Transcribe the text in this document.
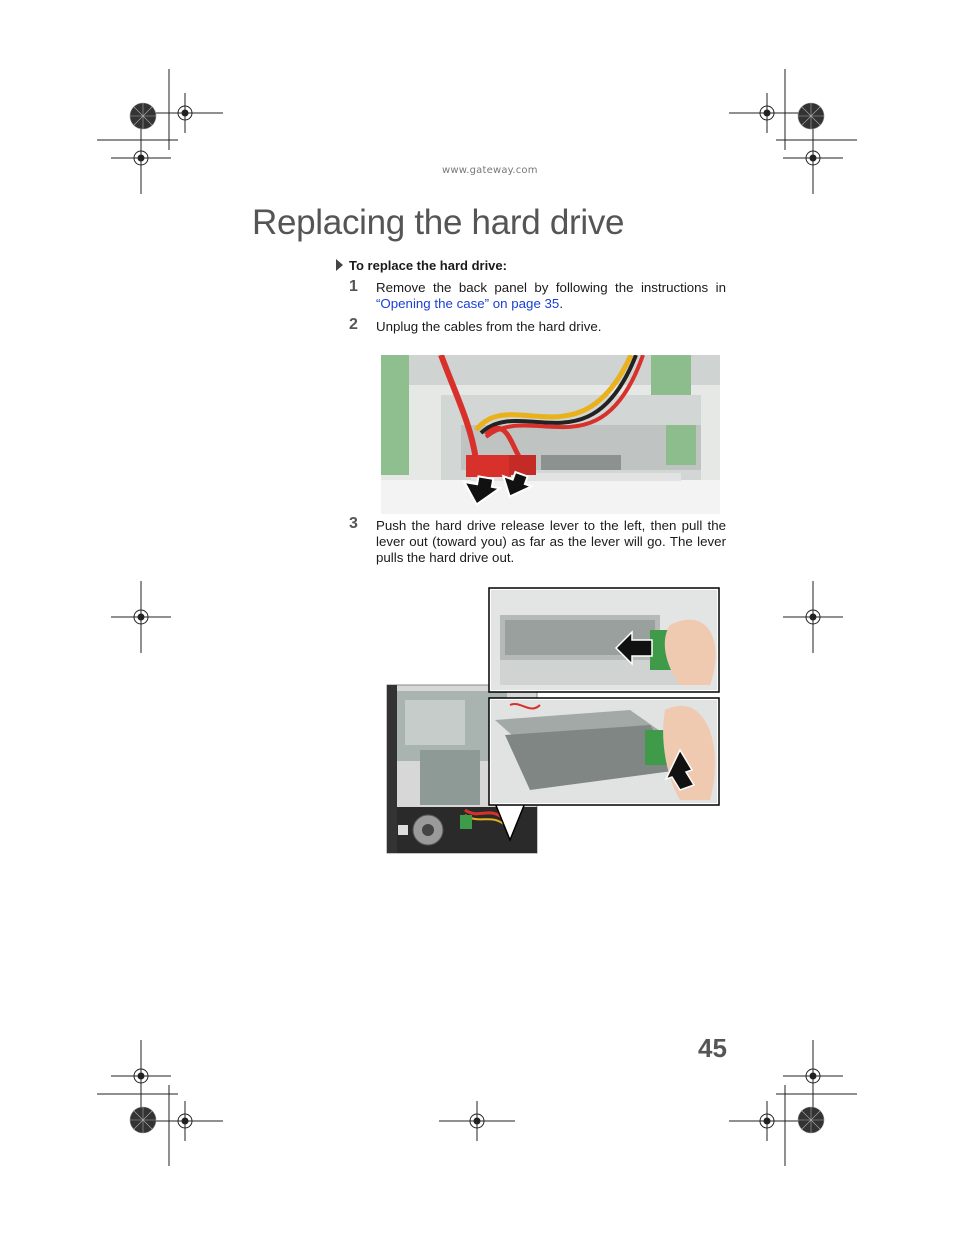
www.gateway.com
Replacing the hard drive
To replace the hard drive:
1 Remove the back panel by following the instructions in “Opening the case” on page 35.
2 Unplug the cables from the hard drive.
3 Push the hard drive release lever to the left, then pull the lever out (toward you) as far as the lever will go. The lever pulls the hard drive out.
45
